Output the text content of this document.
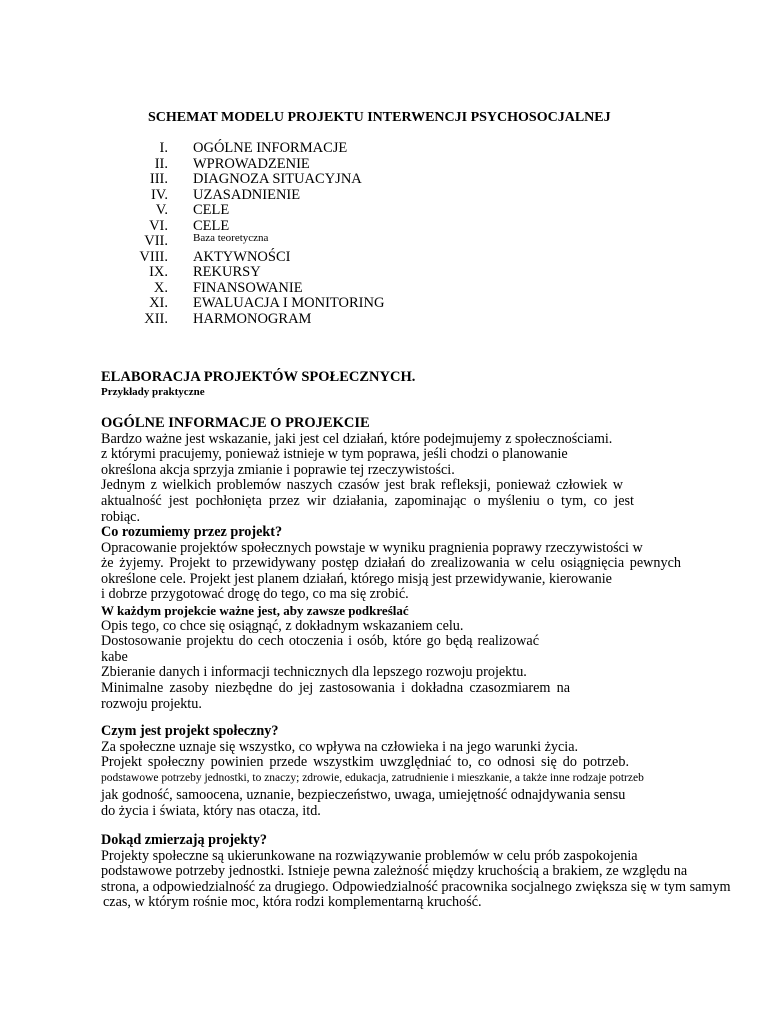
SCHEMAT MODELU PROJEKTU INTERWENCJI PSYCHOSOCJALNEJ
I. OGÓLNE INFORMACJE
II. WPROWADZENIE
III. DIAGNOZA SITUACYJNA
IV. UZASADNIENIE
V. CELE
VI. CELE
VII. Baza teoretyczna
VIII. AKTYWNOŚCI
IX. REKURSY
X. FINANSOWANIE
XI. EWALUACJA I MONITORING
XII. HARMONOGRAM
ELABORACJA PROJEKTÓW SPOŁECZNYCH.
Przykłady praktyczne
OGÓLNE INFORMACJE O PROJEKCIE
Bardzo ważne jest wskazanie, jaki jest cel działań, które podejmujemy z społecznościami.
z którymi pracujemy, ponieważ istnieje w tym poprawa, jeśli chodzi o planowanie
określona akcja sprzyja zmianie i poprawie tej rzeczywistości.
Jednym z wielkich problemów naszych czasów jest brak refleksji, ponieważ człowiek w
aktualność jest pochłonięta przez wir działania, zapominając o myśleniu o tym, co jest
robiąc.
Co rozumiemy przez projekt?
Opracowanie projektów społecznych powstaje w wyniku pragnienia poprawy rzeczywistości w
że żyjemy. Projekt to przewidywany postęp działań do zrealizowania w celu osiągnięcia pewnych
określone cele. Projekt jest planem działań, którego misją jest przewidywanie, kierowanie
i dobrze przygotować drogę do tego, co ma się zrobić.
W każdym projekcie ważne jest, aby zawsze podkreślać
Opis tego, co chce się osiągnąć, z dokładnym wskazaniem celu.
Dostosowanie projektu do cech otoczenia i osób, które go będą realizować
kabe
Zbieranie danych i informacji technicznych dla lepszego rozwoju projektu.
Minimalne zasoby niezbędne do jej zastosowania i dokładna czasozmiarem na
rozwoju projektu.
Czym jest projekt społeczny?
Za społeczne uznaje się wszystko, co wpływa na człowieka i na jego warunki życia.
Projekt społeczny powinien przede wszystkim uwzględniać to, co odnosi się do potrzeb.
podstawowe potrzeby jednostki, to znaczy; zdrowie, edukacja, zatrudnienie i mieszkanie, a także inne rodzaje potrzeb
jak godność, samoocena, uznanie, bezpieczeństwo, uwaga, umiejętność odnajdywania sensu
do życia i świata, który nas otacza, itd.
Dokąd zmierzają projekty?
Projekty społeczne są ukierunkowane na rozwiązywanie problemów w celu prób zaspokojenia
podstawowe potrzeby jednostki. Istnieje pewna zależność między kruchością a brakiem, ze względu na
strona, a odpowiedzialność za drugiego. Odpowiedzialność pracownika socjalnego zwiększa się w tym samym
czas, w którym rośnie moc, która rodzi komplementarną kruchość.
